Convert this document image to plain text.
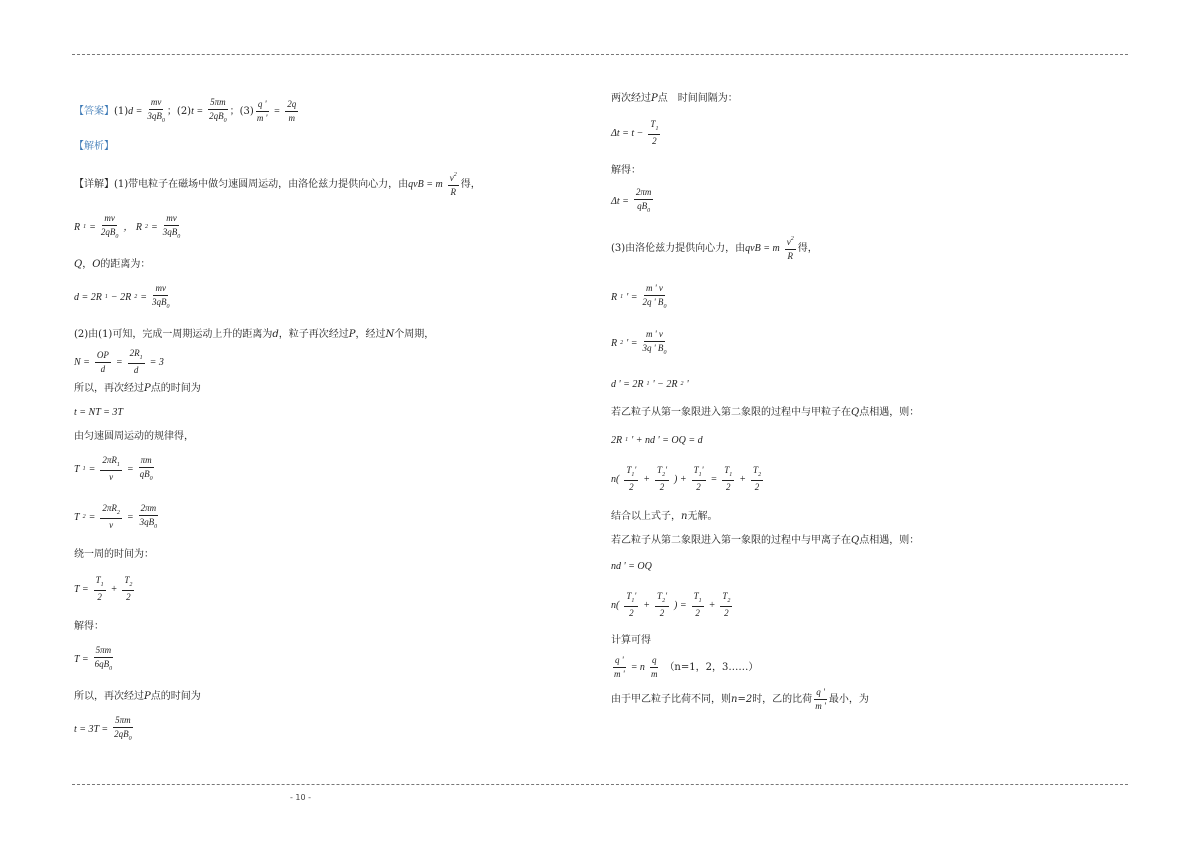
【答案】 (1) $d = \frac{mv}{3qB_0}$ ；(2) $t = \frac{5\pi m}{2qB_0}$ ；$(3) \frac{q '}{m '} = \frac{2q}{m}$
【解析】
【详解】 (1)带电粒子在磁场中做匀速圆周运动，由洛伦兹力提供向心力，由 qvB = m $\frac{v^2}{R}$ 得，
R $1 = \frac{mv}{2qB_0}$ ， R $2 = \frac{mv}{3qB_0}$
Q，O的距离为：
d = 2R 1 − 2R $2 = \frac{mv}{3qB_0}$
(2)由(1)可知，完成一周期运动上升的距离为d，粒子再次经过P，经过N个周期，
$N = \frac{OP}{d} = \frac{2R_1}{d} = 3$
所以，再次经过P点的时间为
t = NT = 3T
由匀速圆周运动的规律得，
T $1 = \frac{2\pi R_1}{v} = \frac{\pi m}{qB_0}$
T $2 = \frac{2\pi R_2}{v} = \frac{2\pi m}{3qB_0}$
绕一周的时间为：
$T = \frac{T_1}{2} + \frac{T_2}{2}$
解得：
$T = \frac{5\pi m}{6qB_0}$
所以，再次经过P点的时间为
$t = 3T = \frac{5\pi m}{2qB_0}$
两次经过P点　时间间隔为：
$\Delta t = t - \frac{T_1}{2}$
解得：
$\Delta t = \frac{2\pi m}{qB_0}$
(3)由洛伦兹力提供向心力，由 qvB = m $\frac{v^2}{R}$ 得，
R 1 ' = $\frac{m ' v}{2q ' B_0}$
R 2 ' = $\frac{m ' v}{3q ' B_0}$
d ' = 2R 1 ' − 2R 2 '
若乙粒子从第一象限进入第二象限的过程中与甲粒子在Q点相遇，则：
2R 1 ' + nd ' = OQ = d
$n( \frac{T_1'}{2} + \frac{T_2'}{2}$ ) + $\frac{T_1'}{2} = \frac{T_1}{2} + \frac{T_2}{2}$
结合以上式子，n无解。
若乙粒子从第二象限进入第一象限的过程中与甲离子在Q点相遇，则：
nd ' = OQ
$n( \frac{T_1'}{2} + \frac{T_2'}{2}$ ) = $\frac{T_1}{2} + \frac{T_2}{2}$
计算可得
$\frac{q '}{m '} = n \frac{q}{m} (n=1$，2，3……）
由于甲乙粒子比荷不同，则 n=2 时，乙的比荷 $\frac{q '}{m '}$ 最小，为
- 10 -
